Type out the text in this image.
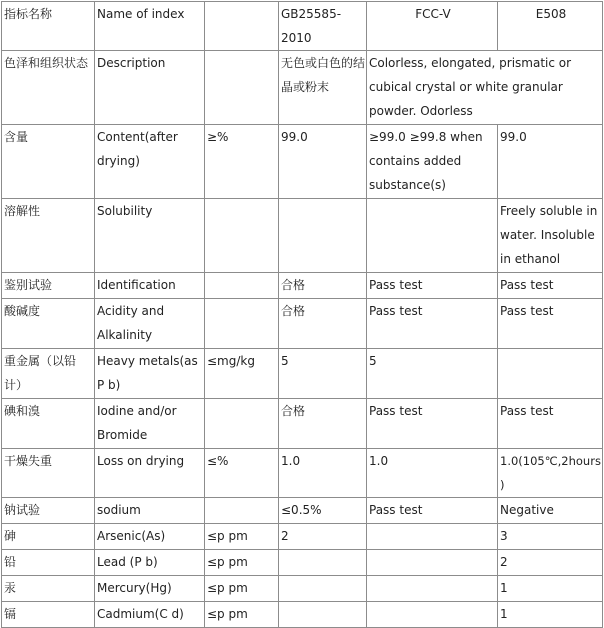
指标名称	Name of index		GB25585-2010	FCC-V	E508
色泽和组织状态	Description		无色或白色的结晶或粉末	Colorless, elongated, prismatic or cubical crystal or white granular powder. Odorless	
含量	Content(after drying)	≥%	99.0	≥99.0 ≥99.8 when contains added substance(s)	99.0
溶解性	Solubility				Freely soluble in water. Insoluble in ethanol
鉴别试验	Identification		合格	Pass test	Pass test
酸碱度	Acidity and Alkalinity		合格	Pass test	Pass test
重金属（以铅计）	Heavy metals(as P b)	≤mg/kg	5	5	
碘和溴	Iodine and/or Bromide		合格	Pass test	Pass test
干燥失重	Loss on drying	≤%	1.0	1.0	1.0(105℃,2hours)
钠试验	sodium		≤0.5%	Pass test	Negative
砷	Arsenic(As)	≤p pm	2		3
铅	Lead (P b)	≤p pm			2
汞	Mercury(Hg)	≤p pm			1
镉	Cadmium(C d)	≤p pm			1
